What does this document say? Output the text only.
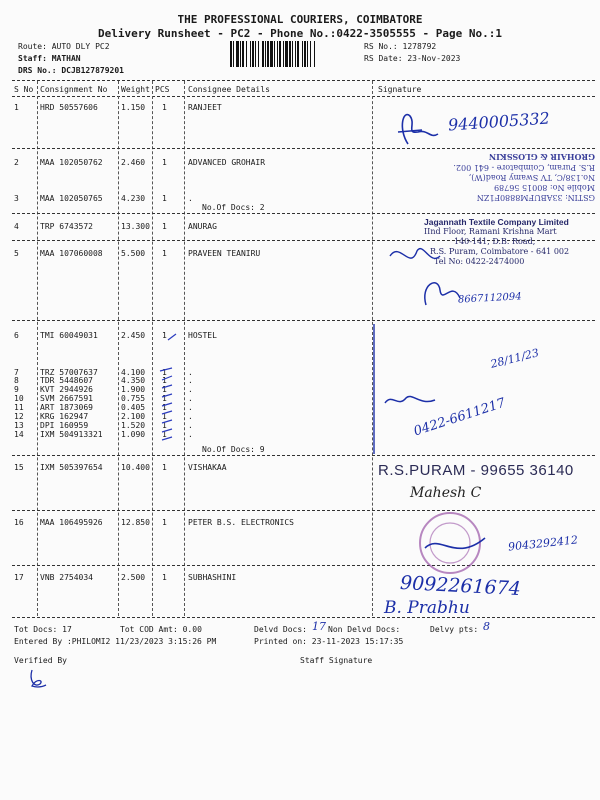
THE PROFESSIONAL COURIERS, COIMBATORE
Delivery Runsheet - PC2 - Phone No.:0422-3505555 - Page No.:1
Route: AUTO DLY PC2
Staff: MATHAN
DRS No.: DCJB127879201
RS No.: 1278792
RS Date: 23-Nov-2023
S No Consignment No Weight PCS Consignee Details	Signature
1	HRD 50557606	1.150 1	RANJEET
2	MAA 102050762 2.460 1	ADVANCED GROHAIR
3	MAA 102050765 4.230 1	.
4	TRP 6743572	13.300 1	ANURAG
5	MAA 107060008 5.500 1	PRAVEEN TEANIRU
6	TMI 60049031	2.450 1	HOSTEL
7	TRZ 57007637	4.100 1	.
8	TDR 5448607	4.350 1	.
9	KVT 2944926	1.900 1	.
10 SVM 2667591	0.755 1	.
11 ART 1873069	0.405 1	.
12 KRG 162947	2.100 1	.
13 DPI 160959	1.520 1	.
14 IXM 504913321 1.090 1	.
15 IXM 505397654 10.400 1	VISHAKAA
16 MAA 106495926 12.850 1	PETER B.S. ELECTRONICS
17 VNB 2754034	2.500 1	SUBHASHINI
No.Of Docs: 2
No.Of Docs: 9
9440005332
GSTIN: 33ABUFM8880F1ZN
Mobile No: 80015 56789
No.138/C, TV Swamy Road(W),
R.S. Puram, Coimbatore - 641 002.
GROHAIR & GLOSSKIN
Jagannath Textile Company Limited
IInd Floor, Ramani Krishna Mart
140-141, D.B. Road,
R.S. Puram, Coimbatore - 641 002
Tel No: 0422-2474000
8667112094
28/11/23
0422-6611217
R.S.PURAM - 99655 36140
Mahesh C
9043292412
9092261674
B. Prabhu
Tot Docs: 17	Tot COD Amt: 0.00	Delvd Docs: 17 Non Delvd Docs:	Delvy pts: 8
Entered By :PHILOMI2 11/23/2023 3:15:26 PM	Printed on: 23-11-2023 15:17:35
Verified By	Staff Signature
